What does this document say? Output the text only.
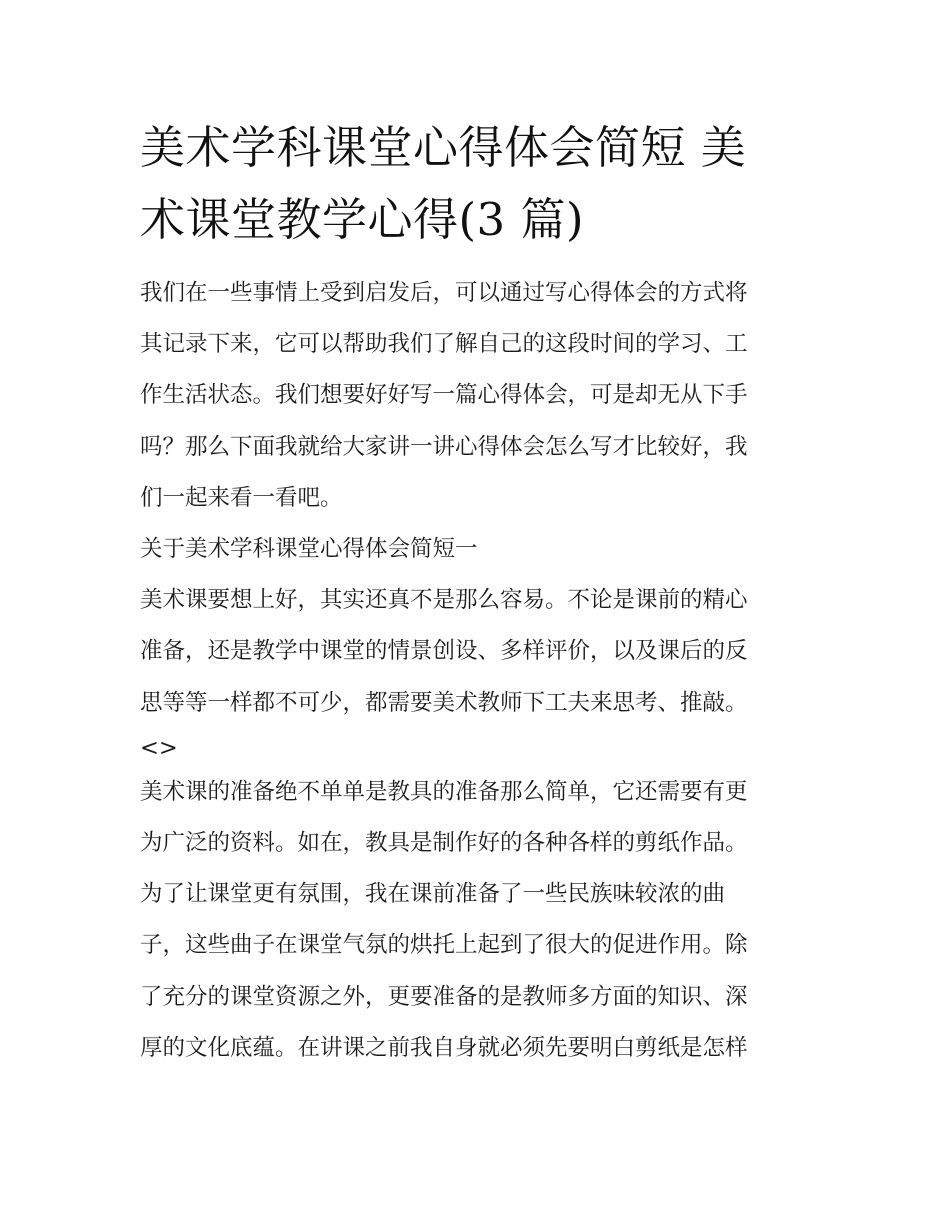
美术学科课堂心得体会简短 美
术课堂教学心得(3 篇)
我们在一些事情上受到启发后，可以通过写心得体会的方式将
其记录下来，它可以帮助我们了解自己的这段时间的学习、工
作生活状态。我们想要好好写一篇心得体会，可是却无从下手
吗？那么下面我就给大家讲一讲心得体会怎么写才比较好，我
们一起来看一看吧。
关于美术学科课堂心得体会简短一
美术课要想上好，其实还真不是那么容易。不论是课前的精心
准备，还是教学中课堂的情景创设、多样评价，以及课后的反
思等等一样都不可少，都需要美术教师下工夫来思考、推敲。
<>
美术课的准备绝不单单是教具的准备那么简单，它还需要有更
为广泛的资料。如在，教具是制作好的各种各样的剪纸作品。
为了让课堂更有氛围，我在课前准备了一些民族味较浓的曲
子，这些曲子在课堂气氛的烘托上起到了很大的促进作用。除
了充分的课堂资源之外，更要准备的是教师多方面的知识、深
厚的文化底蕴。在讲课之前我自身就必须先要明白剪纸是怎样
